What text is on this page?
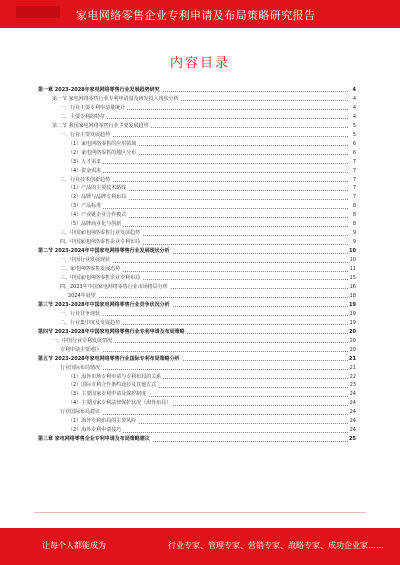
家电网络零售企业专利申请及布局策略研究报告
内容目录
第一章 2023-2028年家电网络零售行业发展趋势研究	4
第一节 家电网络零售行业专利申请量及研发投入现状分析	4
一、行业主要专利申请量统计	4
二、主要专利的特征	4
第二节 我国家电网络零售行业主要发展趋势	5
一、行业主要发展趋势	5
（1）家电网络零售的应用领域	6
（2）家电网络零售的地区分布	6
（3）人才需求	7
（4）资金需求	7
二、行业技术创新趋势	7
（1）产品的主要技术路线	7
（2）品牌与品牌专利布局	7
（3）产品标准	8
（4）产业链企业合作模式	8
（5）品牌商业化与创新	8
三、中国家电网络零售行业发展趋势	9
四、中国家电网络零售企业专利布局	9
第二节 2023-2024年中国家电网络零售行业发展现状分析	10
一、中国行业发展现状	10
二、家电网络零售发展态势	11
三、中国家电网络零售企业专利布局	15
四、2023年中国家电网络零售行业市场格局分析	16
2024年展望	18
第三节 2023-2028年中国家电网络零售行业竞争状况分析	19
一、行业竞争现状	19
二、行业集中度及发展趋势	19
第四节 2023-2028年中国家电网络零售行业专利申请及布局策略	20
一、中国行业专利发展情况	20
专利申请主要地区	20
第五节 2023-2028年家电网络零售行业国际专利布局策略分析	21
行业国际布局情况	21
（1）海外市场专利申请与专利布局的关系	22
（2）国际专利合作条约途径及其他方式	23
（3）主要国家专利申请及保护制度	24
（4）主要国家专利法律保护状况（海外布局）	24
行业国际布局建议	24
（1）海外专利布局的主要风险	24
（2）海外专利申请技巧	24
第三章 家电网络零售企业专利申请及布局策略建议	25
让每个人都能成为	行业专家、管理专家、营销专家、战略专家、成功企业家……
